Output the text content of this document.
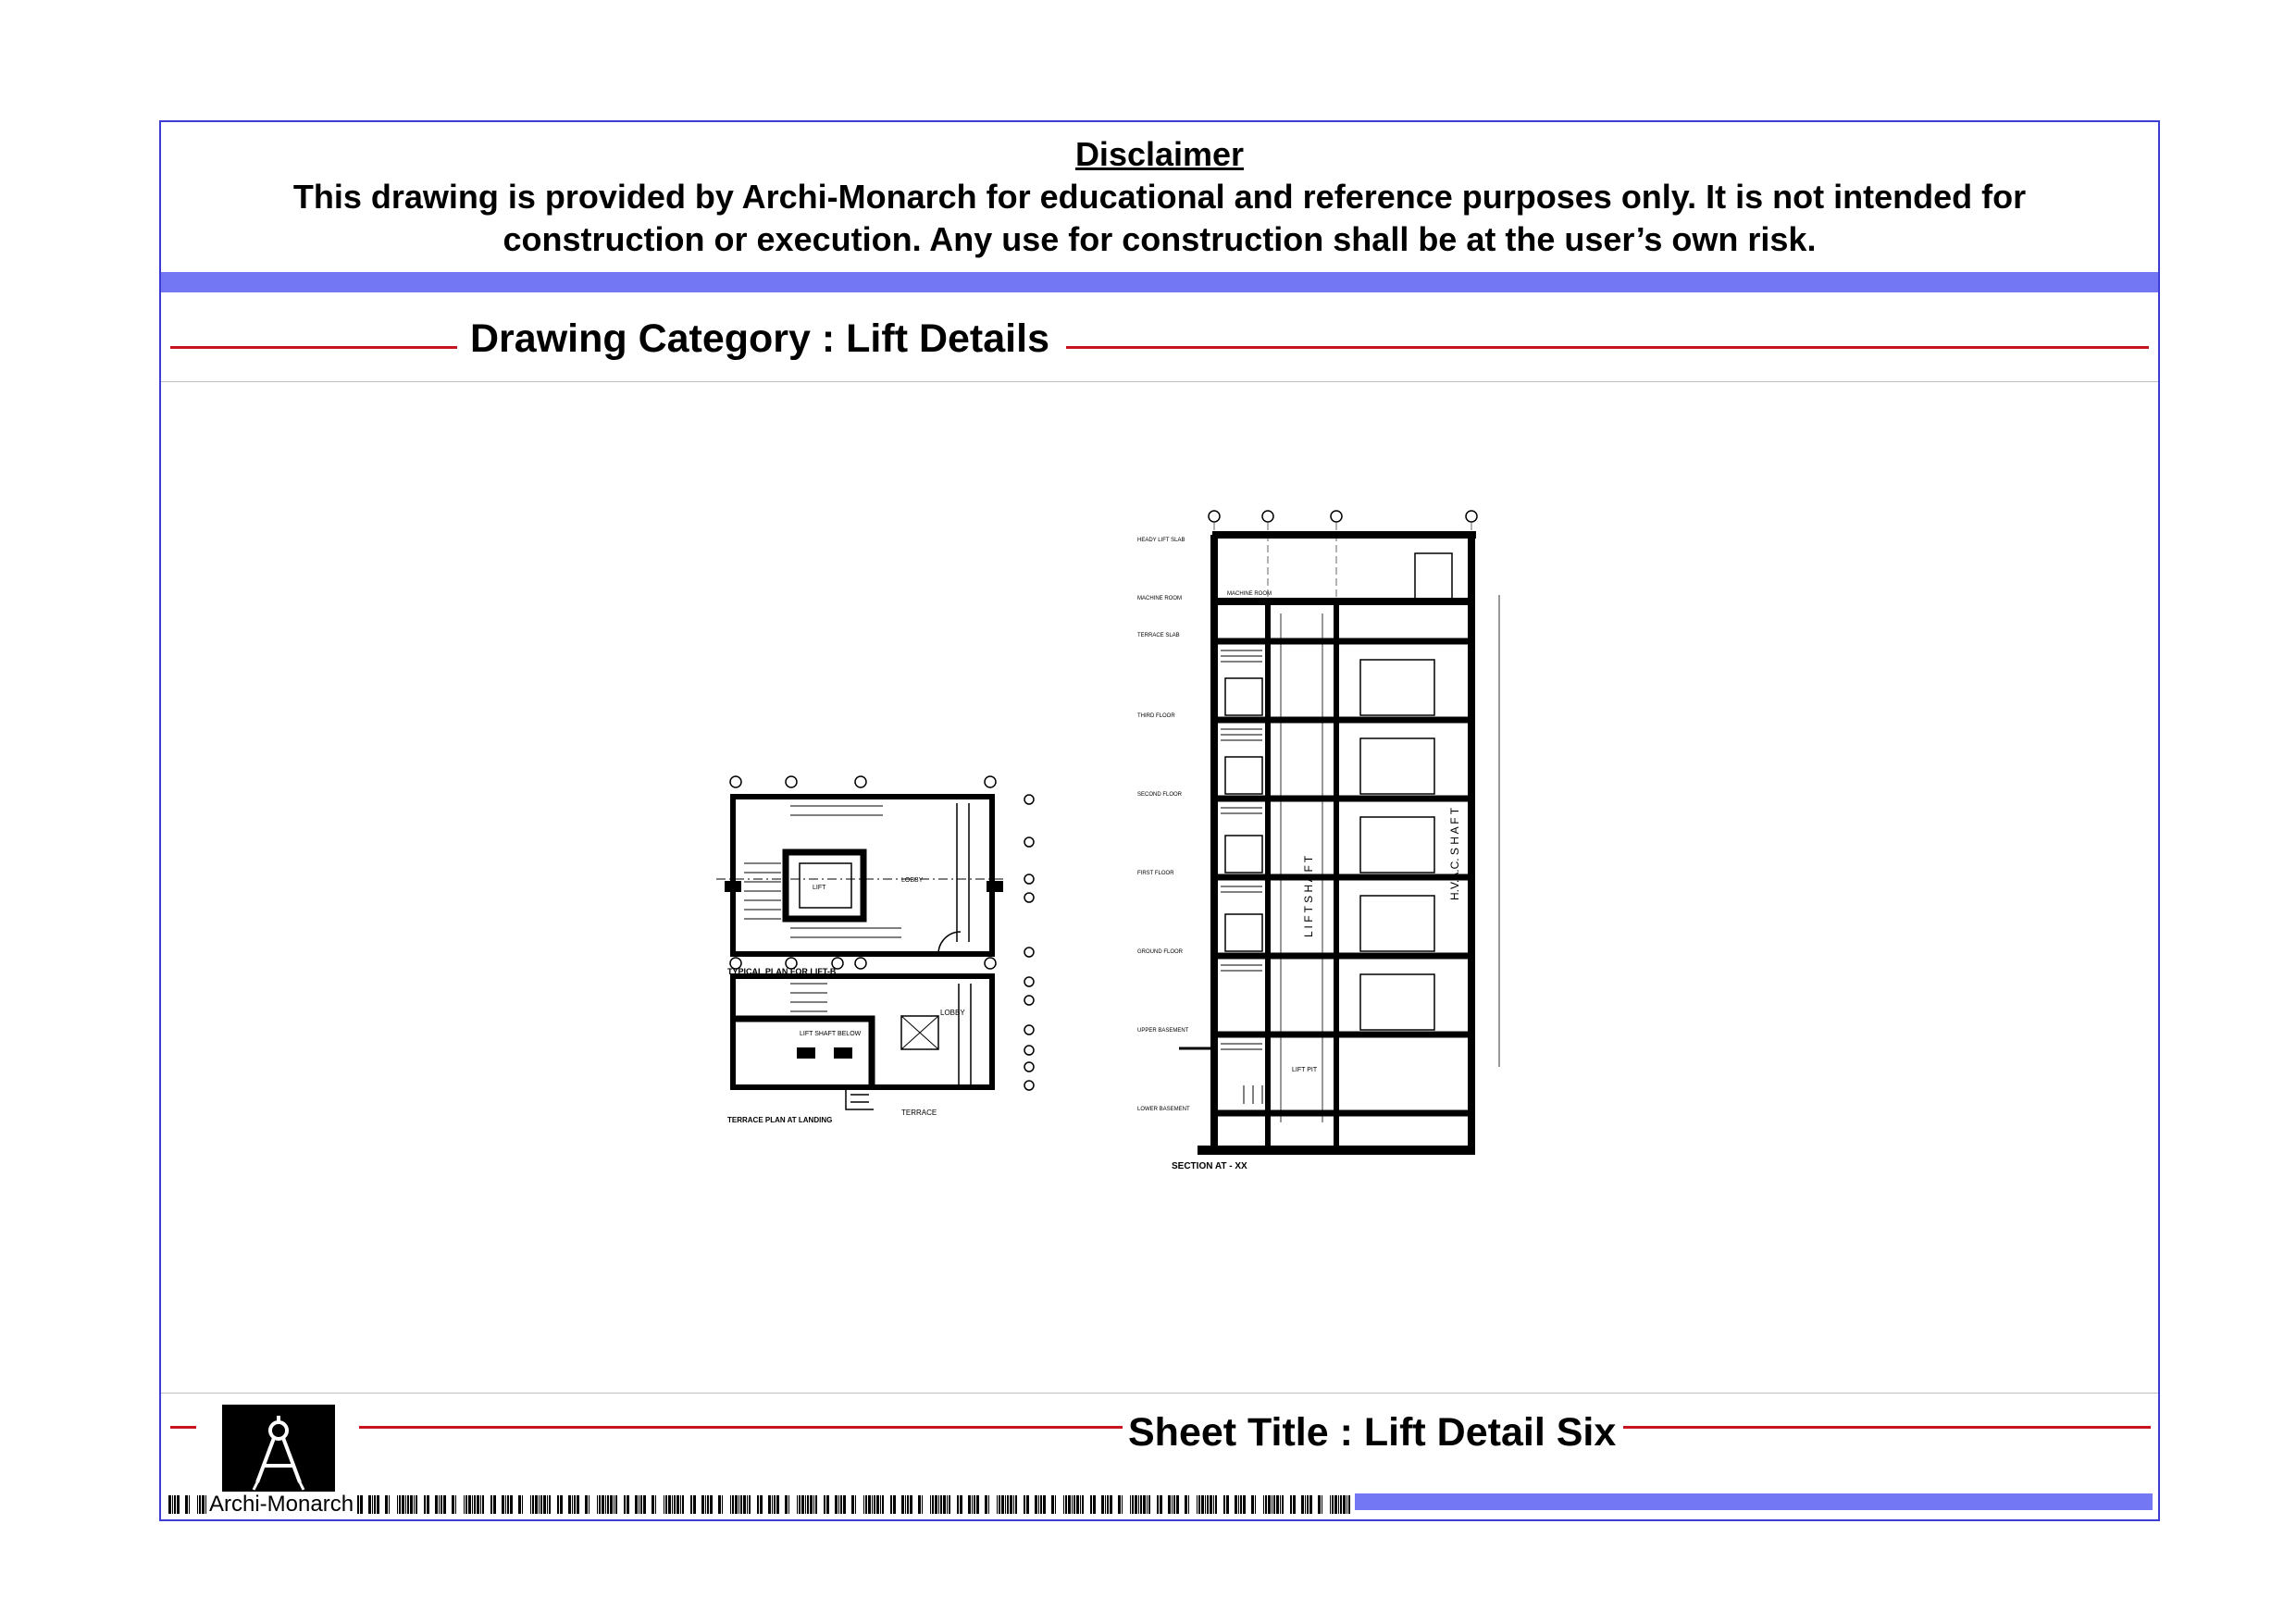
Disclaimer
This drawing is provided by Archi-Monarch for educational and reference purposes only. It is not intended for
construction or execution. Any use for construction shall be at the user’s own risk.
Drawing Category : Lift Details
TYPICAL PLAN FOR LIFT-B
LIFT
LOBBY
TERRACE PLAN AT LANDING
LIFT SHAFT BELOW
LOBBY
TERRACE
HEADY LIFT SLAB
MACHINE ROOM
TERRACE SLAB
THIRD FLOOR
SECOND FLOOR
FIRST FLOOR
GROUND FLOOR
UPPER BASEMENT
LOWER BASEMENT
MACHINE ROOM
LIFT PIT
L I F T S H A F T	H.V.A.C. S H A F T
SECTION AT - XX
Sheet Title : Lift Detail Six
Archi-Monarch
